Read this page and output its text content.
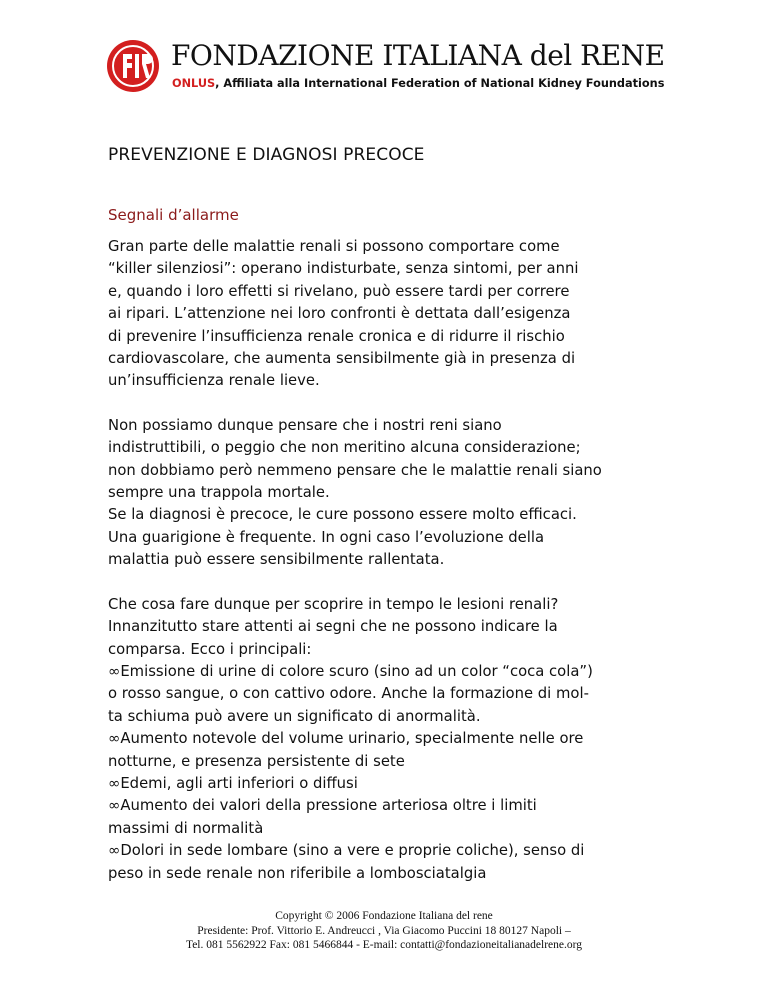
FONDAZIONE ITALIANA del RENE
ONLUS, Affiliata alla International Federation of National Kidney Foundations
PREVENZIONE E DIAGNOSI PRECOCE
Segnali d’allarme

Gran parte delle malattie renali si possono comportare come
“killer silenziosi”: operano indisturbate, senza sintomi, per anni
e, quando i loro effetti si rivelano, può essere tardi per correre
ai ripari. L’attenzione nei loro confronti è dettata dall’esigenza
di prevenire l’insufficienza renale cronica e di ridurre il rischio
cardiovascolare, che aumenta sensibilmente già in presenza di
un’insufficienza renale lieve.

Non possiamo dunque pensare che i nostri reni siano
indistruttibili, o peggio che non meritino alcuna considerazione;
non dobbiamo però nemmeno pensare che le malattie renali siano
sempre una trappola mortale.
Se la diagnosi è precoce, le cure possono essere molto efficaci.
Una guarigione è frequente. In ogni caso l’evoluzione della
malattia può essere sensibilmente rallentata.

Che cosa fare dunque per scoprire in tempo le lesioni renali?
Innanzitutto stare attenti ai segni che ne possono indicare la
comparsa. Ecco i principali:
∞Emissione di urine di colore scuro (sino ad un color “coca cola”)
o rosso sangue, o con cattivo odore. Anche la formazione di mol-
ta schiuma può avere un significato di anormalità.
∞Aumento notevole del volume urinario, specialmente nelle ore
notturne, e presenza persistente di sete
∞Edemi, agli arti inferiori o diffusi
∞Aumento dei valori della pressione arteriosa oltre i limiti
massimi di normalità
∞Dolori in sede lombare (sino a vere e proprie coliche), senso di
peso in sede renale non riferibile a lombosciatalgia

Copyright © 2006 Fondazione Italiana del rene
Presidente: Prof. Vittorio E. Andreucci , Via Giacomo Puccini 18 80127 Napoli –
Tel. 081 5562922 Fax: 081 5466844 - E-mail: contatti@fondazioneitalianadelrene.org
